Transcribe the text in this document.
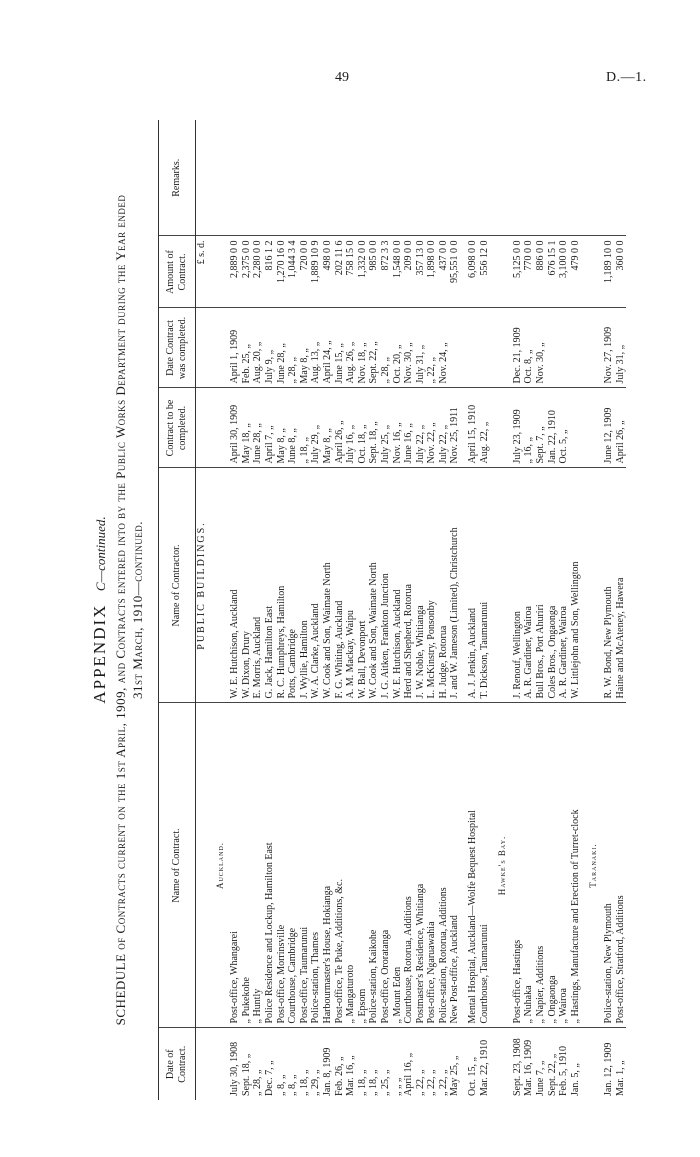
49	D.—1.
APPENDIX  C—continued. SCHEDULE of Contracts current on the 1st April, 1909, and Contracts entered into by the Public Works Department during the Year ended 31st March, 1910—continued.
Date of Contract.	Name of Contract.	Name of Contractor.	Contract to be completed.	Date Contract was completed.	Amount of Contract.	Remarks.
		PUBLIC BUILDINGS.			£ s. d.	
	Auckland.					
July 30, 1908	Post-office, Whangarei	W. E. Hutchison, Auckland	April 30, 1909	April 1, 1909	2,889 0 0	
Sept. 18, „	„ Pukekohe	W. Dixon, Drury	May 18, „	Feb. 25, „	2,375 0 0	
„ 28, „	„ Huntly	E. Morris, Auckland	June 28, „	Aug. 20, „	2,280 0 0	
Dec. 7, „	Police Residence and Lockup, Hamilton East	G. Jack, Hamilton East	April 7, „	July 9, „	816 1 2	
„ 8, „	Post-office, Morrinsville	R. C. Humphreys, Hamilton	May 8, „	June 28, „	1,270 16 0	
„ 8, „	Courthouse, Cambridge	Potts, Cambridge	June 8, „	„ 28, „	1,044 3 4	
„ 18, „	Post-office, Taumarunui	J. Wyllie, Hamilton	„ 18, „	May 8, „	720 0 0	
„ 29, „	Police-station, Thames	W. A. Clarke, Auckland	July 29, „	Aug. 13, „	1,889 10 9	
Jan. 8, 1909	Harbourmaster's House, Hokianga	W. Cook and Son, Waimate North	May 8, „	April 24, „	498 0 0	
Feb. 26, „	Post-office, Te Puke, Additions, &c.	F. G. Whiting, Auckland	April 26, „	June 15, „	202 11 6	
Mar. 16, „	„ Mangaturoto	A. M. Mackay, Waipu	July 16, „	Aug. 26, „	758 15 0	
„ 18, „	„ Epsom	W. Ball, Devonport	Oct. 18, „	Nov. 18, „	1,332 0 0	
„ 18, „	Police-station, Kaikohe	W. Cook and Son, Waimate North	Sept. 18, „	Sept. 22, „	985 0 0	
„ 25, „	Post-office, Ororatanga	J. G. Aitken, Frankton Junction	July 25, „	„ 28, „	872 3 3	
„ „ „	„ Mount Eden	W. E. Hutchison, Auckland	Nov. 16, „	Oct. 20, „	1,548 0 0	
April 16, „	Courthouse, Rotorua, Additions	Herd and Shepherd, Rotorua	June 16, „	Nov. 30, „	209 0 0	
„ 22, „	Postmaster's Residence, Whitianga	J. W. Noble, Whitianga	July 22, „	July 31, „	357 13 0	
„ 22, „	Post-office, Ngaruawahia	L. McKinstry, Ponsonby	Nov. 22, „	„ 22, „	1,898 0 0	
„ 22, „	Police-station, Rotorua, Additions	H. Judge, Rotorua	July 22, „	Nov. 24, „	437 0 0	
May 25, „	New Post-office, Auckland	J. and W. Jameson (Limited), Christchurch	Nov. 25, 1911		95,551 0 0	

Oct. 15, „	Mental Hospital, Auckland—Wolfe Bequest Hospital	A. J. Jenkin, Auckland	April 15, 1910		6,098 0 0	
Mar. 22, 1910	Courthouse, Taumarunui	T. Dickson, Taumarunui	Aug. 22, „		556 12 0	
	Hawke's Bay.					
Sept. 23, 1908	Post-office, Hastings	J. Renouf, Wellington	July 23, 1909	Dec. 21, 1909	5,125 0 0	
Mar. 16, 1909	„ Nuhaka	A. R. Gardiner, Wairoa	„ 16, „	Oct. 8, „	770 0 0	
June 7, „	„ Napier, Additions	Bull Bros., Port Ahuriri	Sept. 7, „	Nov. 30, „	886 0 0	
Sept. 22, „	„ Ongaonga	Coles Bros., Ongaonga	Jan. 22, 1910		676 15 1	
Feb. 5, 1910	„ Wairoa	A. R. Gardiner, Wairoa	Oct. 5, „		3,100 0 0	
Jan. 5, „	„ Hastings, Manufacture and Erection of Turret-clock	W. Littlejohn and Son, Wellington			479 0 0	
	Taranaki.					
Jan. 12, 1909	Police-station, New Plymouth	R. W. Bond, New Plymouth	June 12, 1909	Nov. 27, 1909	1,189 10 0	
Mar. 1, „	Post-office, Stratford, Additions	Haine and McAteney, Hawera	April 26, „	July 31, „	360 0 0	
